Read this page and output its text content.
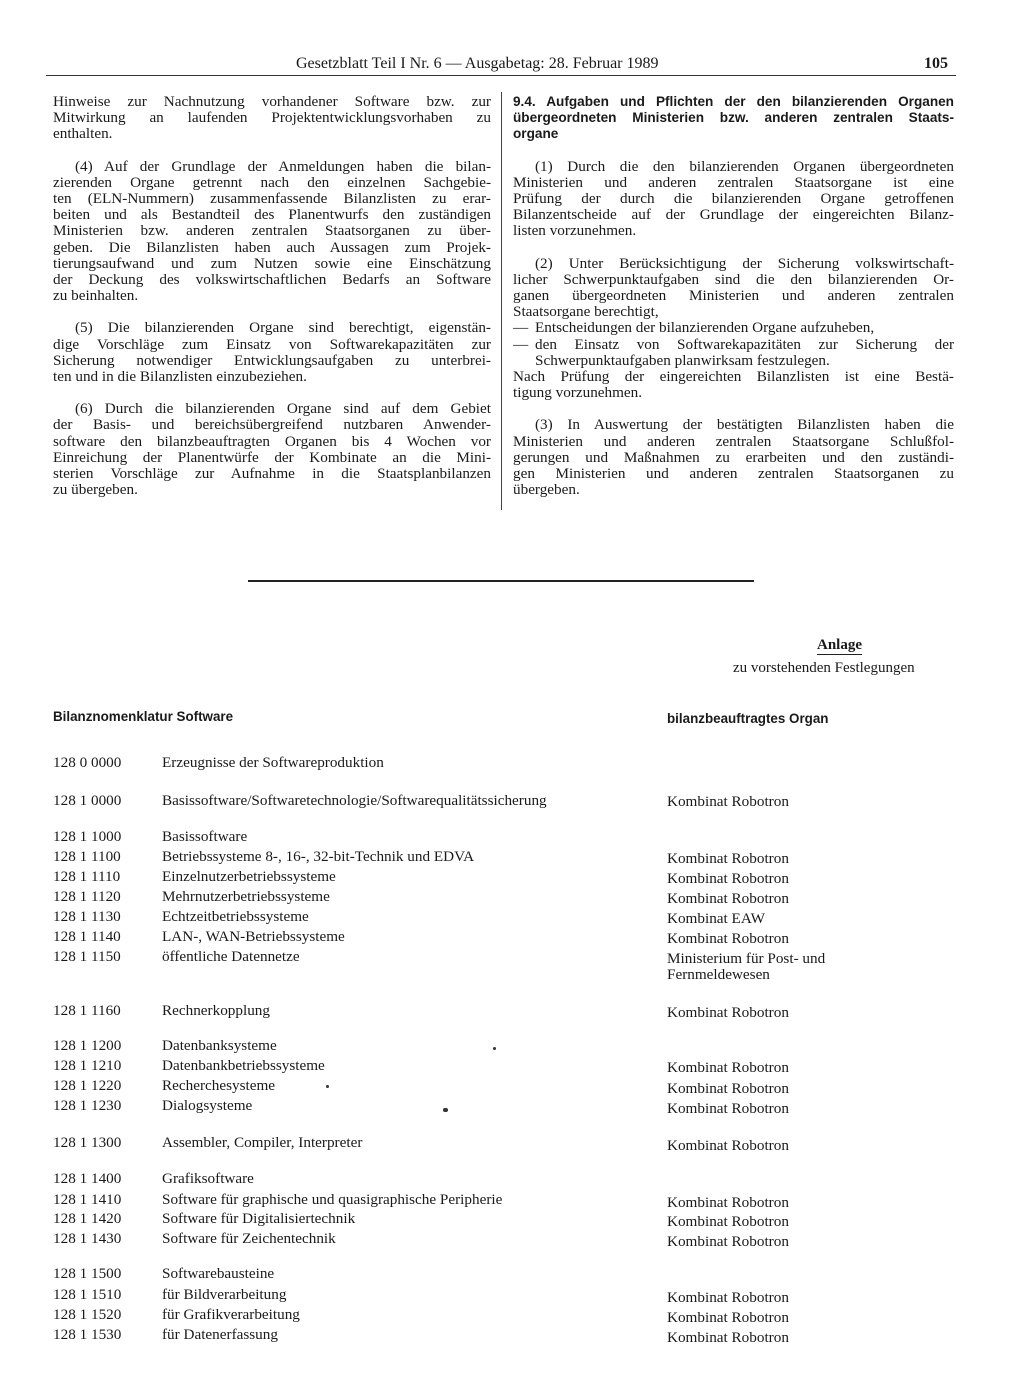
Gesetzblatt Teil I Nr. 6 — Ausgabetag: 28. Februar 1989	105
Hinweise zur Nachnutzung vorhandener Software bzw. zur
Mitwirkung an laufenden Projektentwicklungsvorhaben zu
enthalten.
(4) Auf der Grundlage der Anmeldungen haben die bilan-
zierenden Organe getrennt nach den einzelnen Sachgebie-
ten (ELN-Nummern) zusammenfassende Bilanzlisten zu erar-
beiten und als Bestandteil des Planentwurfs den zuständigen
Ministerien bzw. anderen zentralen Staatsorganen zu über-
geben. Die Bilanzlisten haben auch Aussagen zum Projek-
tierungsaufwand und zum Nutzen sowie eine Einschätzung
der Deckung des volkswirtschaftlichen Bedarfs an Software
zu beinhalten.
(5) Die bilanzierenden Organe sind berechtigt, eigenstän-
dige Vorschläge zum Einsatz von Softwarekapazitäten zur
Sicherung notwendiger Entwicklungsaufgaben zu unterbrei-
ten und in die Bilanzlisten einzubeziehen.
(6) Durch die bilanzierenden Organe sind auf dem Gebiet
der Basis- und bereichsübergreifend nutzbaren Anwender-
software den bilanzbeauftragten Organen bis 4 Wochen vor
Einreichung der Planentwürfe der Kombinate an die Mini-
sterien Vorschläge zur Aufnahme in die Staatsplanbilanzen
zu übergeben.
9.4. Aufgaben und Pflichten der den bilanzierenden Organen
übergeordneten Ministerien bzw. anderen zentralen Staats-
organe
(1) Durch die den bilanzierenden Organen übergeordneten
Ministerien und anderen zentralen Staatsorgane ist eine
Prüfung der durch die bilanzierenden Organe getroffenen
Bilanzentscheide auf der Grundlage der eingereichten Bilanz-
listen vorzunehmen.
(2) Unter Berücksichtigung der Sicherung volkswirtschaft-
licher Schwerpunktaufgaben sind die den bilanzierenden Or-
ganen übergeordneten Ministerien und anderen zentralen
Staatsorgane berechtigt,
— Entscheidungen der bilanzierenden Organe aufzuheben,
— den Einsatz von Softwarekapazitäten zur Sicherung der
Schwerpunktaufgaben planwirksam festzulegen.
Nach Prüfung der eingereichten Bilanzlisten ist eine Bestä-
tigung vorzunehmen.
(3) In Auswertung der bestätigten Bilanzlisten haben die
Ministerien und anderen zentralen Staatsorgane Schlußfol-
gerungen und Maßnahmen zu erarbeiten und den zuständi-
gen Ministerien und anderen zentralen Staatsorganen zu
übergeben.
Anlage
zu vorstehenden Festlegungen
Bilanznomenklatur Software	bilanzbeauftragtes Organ
128 0 0000	Erzeugnisse der Softwareproduktion
128 1 0000	Basissoftware/Softwaretechnologie/Softwarequalitätssicherung	Kombinat Robotron
128 1 1000	Basissoftware
128 1 1100	Betriebssysteme 8-, 16-, 32-bit-Technik und EDVA	Kombinat Robotron
128 1 1110	Einzelnutzerbetriebssysteme	Kombinat Robotron
128 1 1120	Mehrnutzerbetriebssysteme	Kombinat Robotron
128 1 1130	Echtzeitbetriebssysteme	Kombinat EAW
128 1 1140	LAN-, WAN-Betriebssysteme	Kombinat Robotron
128 1 1150	öffentliche Datennetze	Ministerium für Post- und
Fernmeldewesen
128 1 1160	Rechnerkopplung	Kombinat Robotron
128 1 1200	Datenbanksysteme
128 1 1210	Datenbankbetriebssysteme	Kombinat Robotron
128 1 1220	Recherchesysteme	Kombinat Robotron
128 1 1230	Dialogsysteme	Kombinat Robotron
128 1 1300	Assembler, Compiler, Interpreter	Kombinat Robotron
128 1 1400	Grafiksoftware
128 1 1410	Software für graphische und quasigraphische Peripherie	Kombinat Robotron
128 1 1420	Software für Digitalisiertechnik	Kombinat Robotron
128 1 1430	Software für Zeichentechnik	Kombinat Robotron
128 1 1500	Softwarebausteine
128 1 1510	für Bildverarbeitung	Kombinat Robotron
128 1 1520	für Grafikverarbeitung	Kombinat Robotron
128 1 1530	für Datenerfassung	Kombinat Robotron
